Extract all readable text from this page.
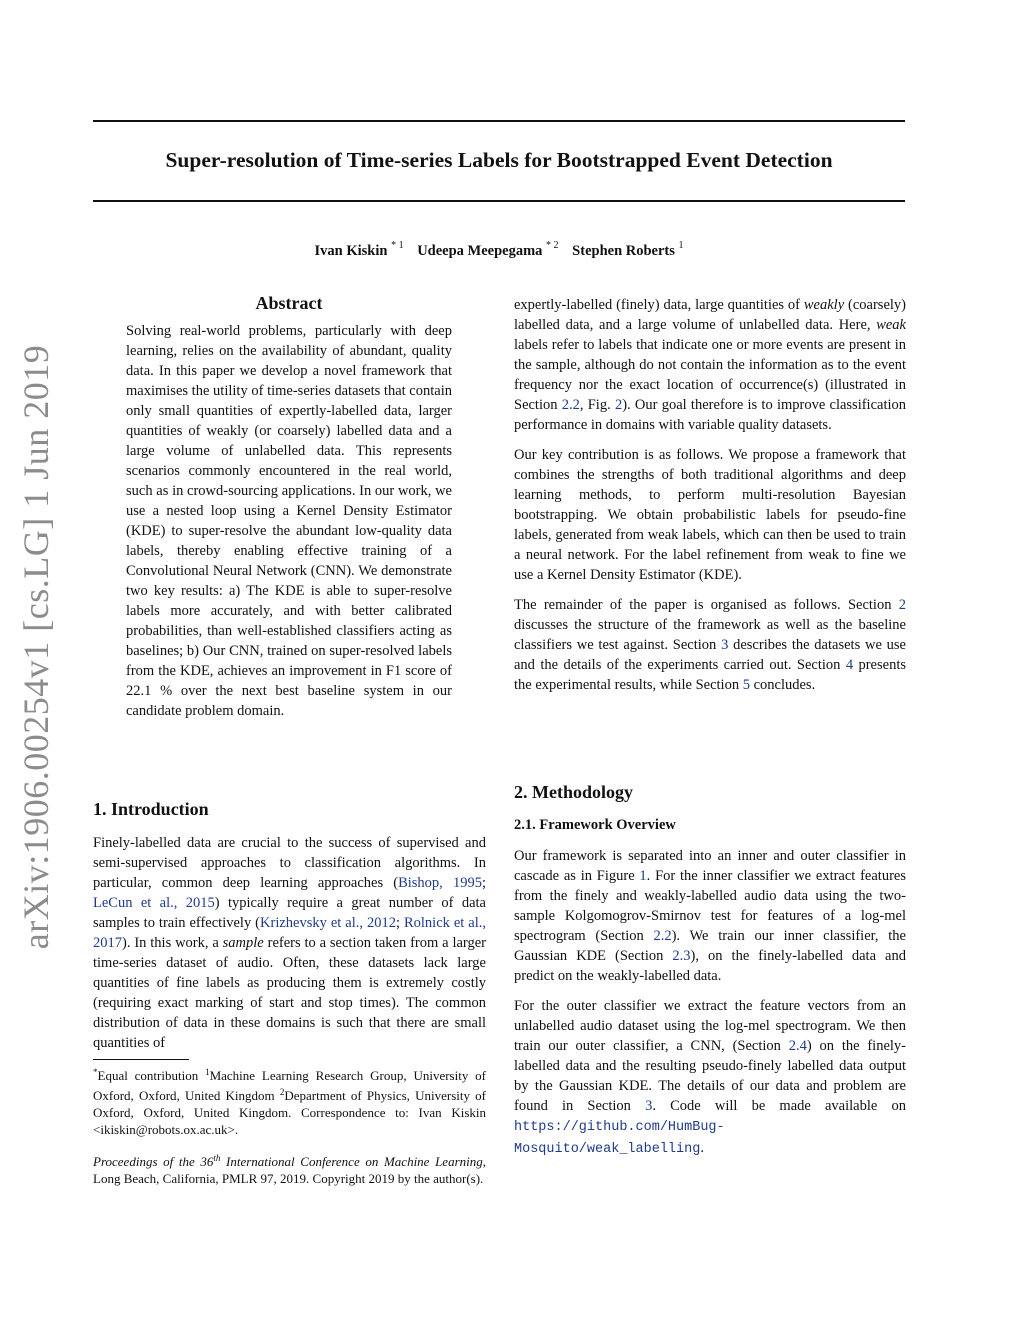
Super-resolution of Time-series Labels for Bootstrapped Event Detection
Ivan Kiskin $^{* 1}$ Udeepa Meepegama $^{* 2}$ Stephen Roberts $^1$
arXiv:1906.00254v1 [cs.LG] 1 Jun 2019
Abstract
Solving real-world problems, particularly with deep learning, relies on the availability of abundant, quality data. In this paper we develop a novel framework that maximises the utility of time-series datasets that contain only small quantities of expertly-labelled data, larger quantities of weakly (or coarsely) labelled data and a large volume of unlabelled data. This represents scenarios commonly encountered in the real world, such as in crowd-sourcing applications. In our work, we use a nested loop using a Kernel Density Estimator (KDE) to super-resolve the abundant low-quality data labels, thereby enabling effective training of a Convolutional Neural Network (CNN). We demonstrate two key results: a) The KDE is able to super-resolve labels more accurately, and with better calibrated probabilities, than well-established classifiers acting as baselines; b) Our CNN, trained on super-resolved labels from the KDE, achieves an improvement in F1 score of 22.1 % over the next best baseline system in our candidate problem domain.
1. Introduction

Finely-labelled data are crucial to the success of supervised and semi-supervised approaches to classification algorithms. In particular, common deep learning approaches (Bishop, 1995; LeCun et al., 2015) typically require a great number of data samples to train effectively (Krizhevsky et al., 2012; Rolnick et al., 2017). In this work, a sample refers to a section taken from a larger time-series dataset of audio. Often, these datasets lack large quantities of fine labels as producing them is extremely costly (requiring exact marking of start and stop times). The common distribution of data in these domains is such that there are small quantities of

*Equal contribution $^1$Machine Learning Research Group, University of Oxford, Oxford, United Kingdom $^2$Department of Physics, University of Oxford, Oxford, United Kingdom. Correspondence to: Ivan Kiskin <ikiskin@robots.ox.ac.uk>.
Proceedings of the 36th International Conference on Machine Learning, Long Beach, California, PMLR 97, 2019. Copyright 2019 by the author(s).

expertly-labelled (finely) data, large quantities of weakly (coarsely) labelled data, and a large volume of unlabelled data. Here, weak labels refer to labels that indicate one or more events are present in the sample, although do not contain the information as to the event frequency nor the exact location of occurrence(s) (illustrated in Section 2.2, Fig. 2). Our goal therefore is to improve classification performance in domains with variable quality datasets.

Our key contribution is as follows. We propose a framework that combines the strengths of both traditional algorithms and deep learning methods, to perform multi-resolution Bayesian bootstrapping. We obtain probabilistic labels for pseudo-fine labels, generated from weak labels, which can then be used to train a neural network. For the label refinement from weak to fine we use a Kernel Density Estimator (KDE).

The remainder of the paper is organised as follows. Section 2 discusses the structure of the framework as well as the baseline classifiers we test against. Section 3 describes the datasets we use and the details of the experiments carried out. Section 4 presents the experimental results, while Section 5 concludes.

2. Methodology
2.1. Framework Overview

Our framework is separated into an inner and outer classifier in cascade as in Figure 1. For the inner classifier we extract features from the finely and weakly-labelled audio data using the two-sample Kolgomogrov-Smirnov test for features of a log-mel spectrogram (Section 2.2). We train our inner classifier, the Gaussian KDE (Section 2.3), on the finely-labelled data and predict on the weakly-labelled data.

For the outer classifier we extract the feature vectors from an unlabelled audio dataset using the log-mel spectrogram. We then train our outer classifier, a CNN, (Section 2.4) on the finely-labelled data and the resulting pseudo-finely labelled data output by the Gaussian KDE. The details of our data and problem are found in Section 3. Code will be made available on https://github.com/HumBug-Mosquito/weak_labelling.
